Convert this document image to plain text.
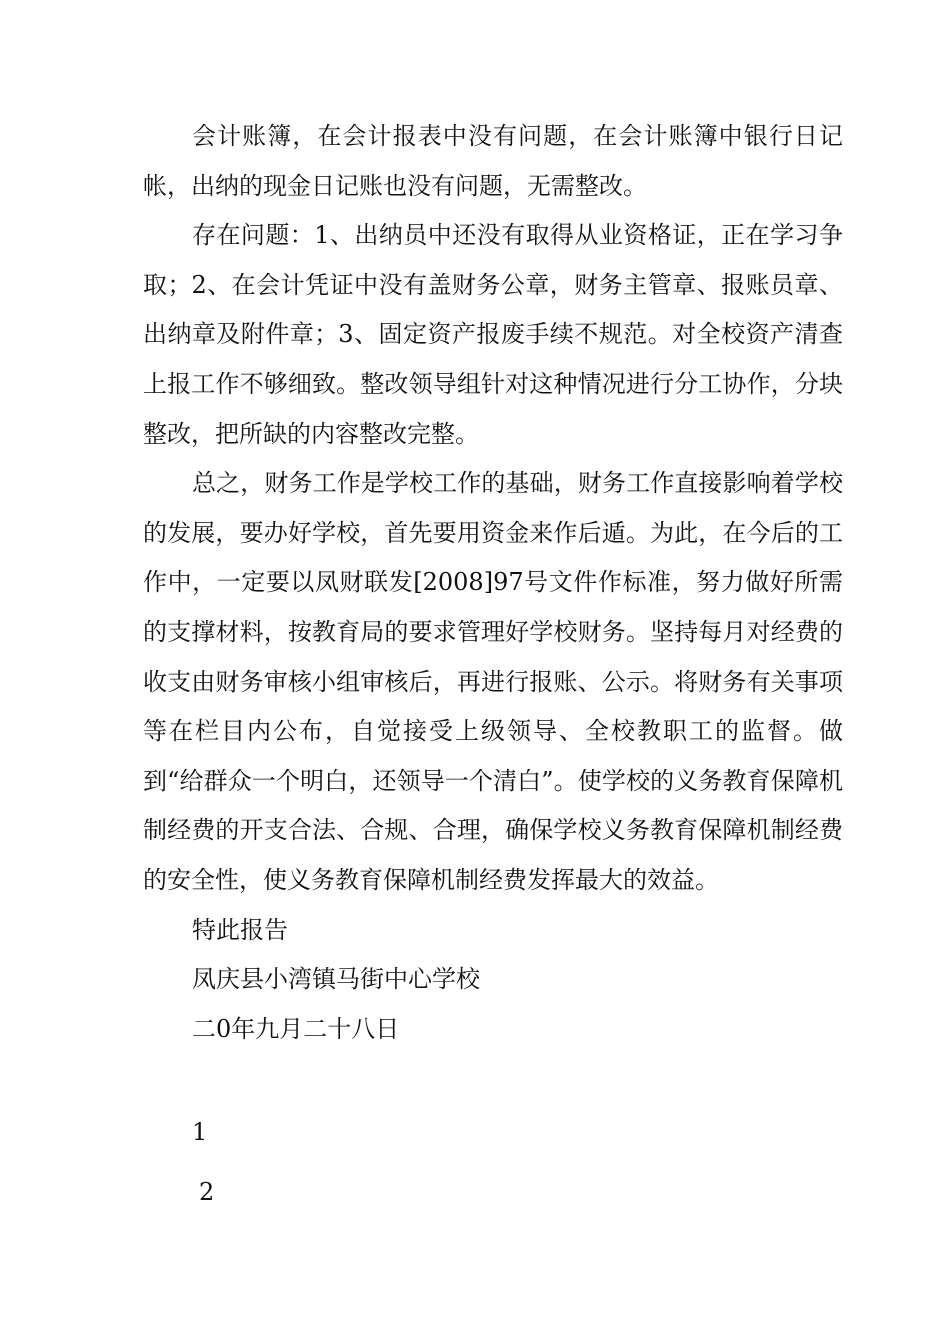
会计账簿，在会计报表中没有问题，在会计账簿中银行日记帐，出纳的现金日记账也没有问题，无需整改。

存在问题：1、出纳员中还没有取得从业资格证，正在学习争取；2、在会计凭证中没有盖财务公章，财务主管章、报账员章、出纳章及附件章；3、固定资产报废手续不规范。对全校资产清查上报工作不够细致。整改领导组针对这种情况进行分工协作，分块整改，把所缺的内容整改完整。

总之，财务工作是学校工作的基础，财务工作直接影响着学校的发展，要办好学校，首先要用资金来作后遁。为此，在今后的工作中，一定要以凤财联发[2008]97号文件作标准，努力做好所需的支撑材料，按教育局的要求管理好学校财务。坚持每月对经费的收支由财务审核小组审核后，再进行报账、公示。将财务有关事项等在栏目内公布，自觉接受上级领导、全校教职工的监督。做到“给群众一个明白，还领导一个清白”。使学校的义务教育保障机制经费的开支合法、合规、合理，确保学校义务教育保障机制经费的安全性，使义务教育保障机制经费发挥最大的效益。

特此报告

凤庆县小湾镇马街中心学校

二0年九月二十八日

1
2
